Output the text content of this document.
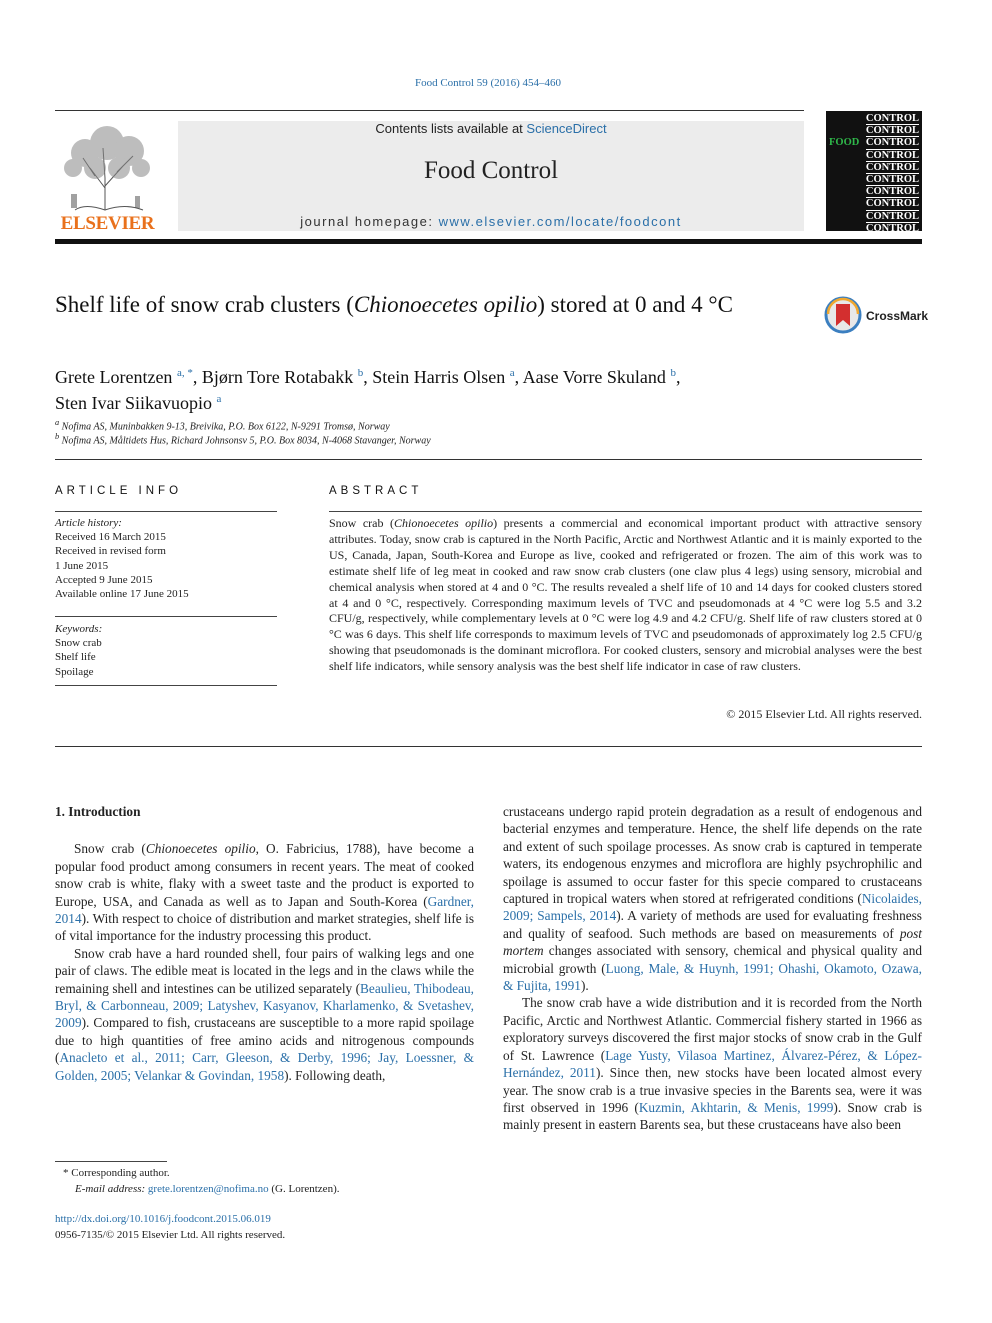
Food Control 59 (2016) 454–460
ELSEVIER
Contents lists available at ScienceDirect
Food Control
journal homepage: www.elsevier.com/locate/foodcont
CONTROL
CONTROL
FOOD CONTROL
CONTROL
CONTROL
CONTROL
CONTROL
CONTROL
CONTROL
CONTROL
Shelf life of snow crab clusters (Chionoecetes opilio) stored at 0 and 4 °C	CrossMark
Grete Lorentzen $^{a, *}$, Bjørn Tore Rotabakk $^b$, Stein Harris Olsen $^a$, Aase Vorre Skuland $^b$,
Sten Ivar Siikavuopio $^a$
$^a$ Nofima AS, Muninbakken 9-13, Breivika, P.O. Box 6122, N-9291 Tromsø, Norway
$^b$ Nofima AS, Måltidets Hus, Richard Johnsonsv 5, P.O. Box 8034, N-4068 Stavanger, Norway
ARTICLE INFO	ABSTRACT
Article history:
Received 16 March 2015
Received in revised form
1 June 2015
Accepted 9 June 2015
Available online 17 June 2015
Keywords:
Snow crab
Shelf life
Spoilage
Snow crab (Chionoecetes opilio) presents a commercial and economical important product with attractive sensory attributes. Today, snow crab is captured in the North Pacific, Arctic and Northwest Atlantic and it is mainly exported to the US, Canada, Japan, South-Korea and Europe as live, cooked and refrigerated or frozen. The aim of this work was to estimate shelf life of leg meat in cooked and raw snow crab clusters (one claw plus 4 legs) using sensory, microbial and chemical analysis when stored at 4 and 0 °C. The results revealed a shelf life of 10 and 14 days for cooked clusters stored at 4 and 0 °C, respectively. Corresponding maximum levels of TVC and pseudomonads at 4 °C were log 5.5 and 3.2 CFU/g, respectively, while complementary levels at 0 °C were log 4.9 and 4.2 CFU/g. Shelf life of raw clusters stored at 0 °C was 6 days. This shelf life corresponds to maximum levels of TVC and pseudomonads of approximately log 2.5 CFU/g showing that pseudomonads is the dominant microflora. For cooked clusters, sensory and microbial analyses were the best shelf life indicators, while sensory analysis was the best shelf life indicator in case of raw clusters.
© 2015 Elsevier Ltd. All rights reserved.
1. Introduction

Snow crab (Chionoecetes opilio, O. Fabricius, 1788), have become a popular food product among consumers in recent years. The meat of cooked snow crab is white, flaky with a sweet taste and the product is exported to Europe, USA, and Canada as well as to Japan and South-Korea (Gardner, 2014). With respect to choice of distribution and market strategies, shelf life is of vital importance for the industry processing this product.

Snow crab have a hard rounded shell, four pairs of walking legs and one pair of claws. The edible meat is located in the legs and in the claws while the remaining shell and intestines can be utilized separately (Beaulieu, Thibodeau, Bryl, & Carbonneau, 2009; Latyshev, Kasyanov, Kharlamenko, & Svetashev, 2009). Compared to fish, crustaceans are susceptible to a more rapid spoilage due to high quantities of free amino acids and nitrogenous compounds (Anacleto et al., 2011; Carr, Gleeson, & Derby, 1996; Jay, Loessner, & Golden, 2005; Velankar & Govindan, 1958). Following death,

crustaceans undergo rapid protein degradation as a result of endogenous and bacterial enzymes and temperature. Hence, the shelf life depends on the rate and extent of such spoilage processes. As snow crab is captured in temperate waters, its endogenous enzymes and microflora are highly psychrophilic and spoilage is assumed to occur faster for this specie compared to crustaceans captured in tropical waters when stored at refrigerated conditions (Nicolaides, 2009; Sampels, 2014). A variety of methods are used for evaluating freshness and quality of seafood. Such methods are based on measurements of post mortem changes associated with sensory, chemical and physical quality and microbial growth (Luong, Male, & Huynh, 1991; Ohashi, Okamoto, Ozawa, & Fujita, 1991).

The snow crab have a wide distribution and it is recorded from the North Pacific, Arctic and Northwest Atlantic. Commercial fishery started in 1966 as exploratory surveys discovered the first major stocks of snow crab in the Gulf of St. Lawrence (Lage Yusty, Vilasoa Martinez, Álvarez-Pérez, & López-Hernández, 2011). Since then, new stocks have been located almost every year. The snow crab is a true invasive species in the Barents sea, were it was first observed in 1996 (Kuzmin, Akhtarin, & Menis, 1999). Snow crab is mainly present in eastern Barents sea, but these crustaceans have also been

* Corresponding author.
E-mail address: grete.lorentzen@nofima.no (G. Lorentzen).
http://dx.doi.org/10.1016/j.foodcont.2015.06.019
0956-7135/© 2015 Elsevier Ltd. All rights reserved.
